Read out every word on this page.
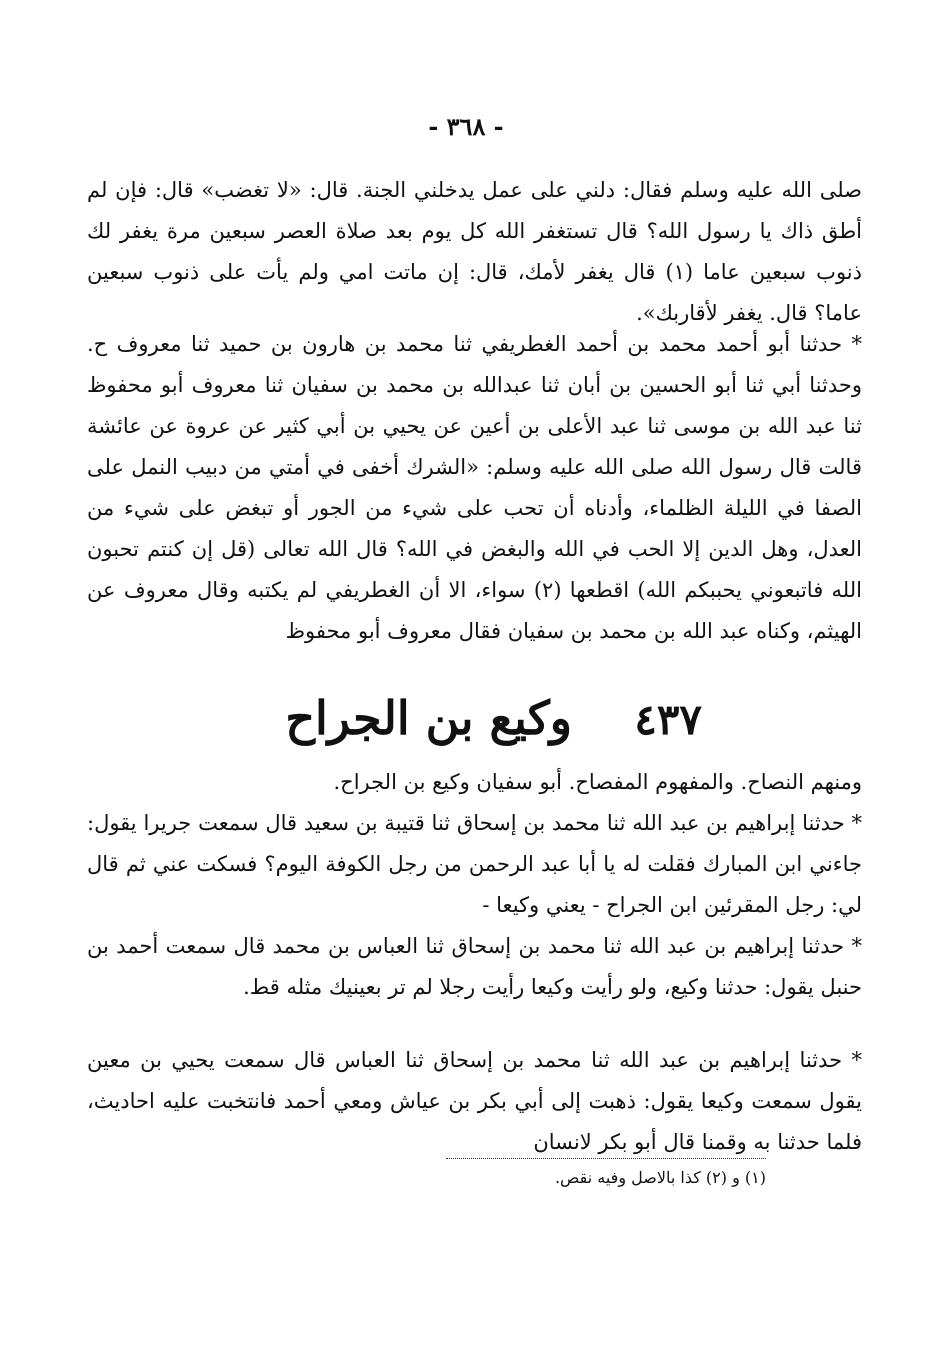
- ٣٦٨ -

صلى الله عليه وسلم فقال: دلني على عمل يدخلني الجنة. قال: «لا تغضب» قال: فإن لم أطق ذاك يا رسول الله؟ قال تستغفر الله كل يوم بعد صلاة العصر سبعين مرة يغفر لك ذنوب سبعين عاما (١) قال يغفر لأمك، قال: إن ماتت امي ولم يأت على ذنوب سبعين عاما؟ قال. يغفر لأقاربك».

* حدثنا أبو أحمد محمد بن أحمد الغطريفي ثنا محمد بن هارون بن حميد ثنا معروف ح. وحدثنا أبي ثنا أبو الحسين بن أبان ثنا عبدالله بن محمد بن سفيان ثنا معروف أبو محفوظ ثنا عبد الله بن موسى ثنا عبد الأعلى بن أعين عن يحيي بن أبي كثير عن عروة عن عائشة قالت قال رسول الله صلى الله عليه وسلم: «الشرك أخفى في أمتي من دبيب النمل على الصفا في الليلة الظلماء، وأدناه أن تحب على شيء من الجور أو تبغض على شيء من العدل، وهل الدين إلا الحب في الله والبغض في الله؟ قال الله تعالى (قل إن كنتم تحبون الله فاتبعوني يحببكم الله) اقطعها (٢) سواء، الا أن الغطريفي لم يكتبه وقال معروف عن الهيثم، وكناه عبد الله بن محمد بن سفيان فقال معروف أبو محفوظ

٤٣٧
وكيع بن الجراح

ومنهم النصاح. والمفهوم المفصاح. أبو سفيان وكيع بن الجراح.

* حدثنا إبراهيم بن عبد الله ثنا محمد بن إسحاق ثنا قتيبة بن سعيد قال سمعت جريرا يقول: جاءني ابن المبارك فقلت له يا أبا عبد الرحمن من رجل الكوفة اليوم؟ فسكت عني ثم قال لي: رجل المقرئين ابن الجراح - يعني وكيعا -

* حدثنا إبراهيم بن عبد الله ثنا محمد بن إسحاق ثنا العباس بن محمد قال سمعت أحمد بن حنبل يقول: حدثنا وكيع، ولو رأيت وكيعا رأيت رجلا لم تر بعينيك مثله قط.

* حدثنا إبراهيم بن عبد الله ثنا محمد بن إسحاق ثنا العباس قال سمعت يحيي بن معين يقول سمعت وكيعا يقول: ذهبت إلى أبي بكر بن عياش ومعي أحمد فانتخبت عليه احاديث، فلما حدثنا به وقمنا قال أبو بكر لانسان

(١) و (٢) كذا بالاصل وفيه نقص.
